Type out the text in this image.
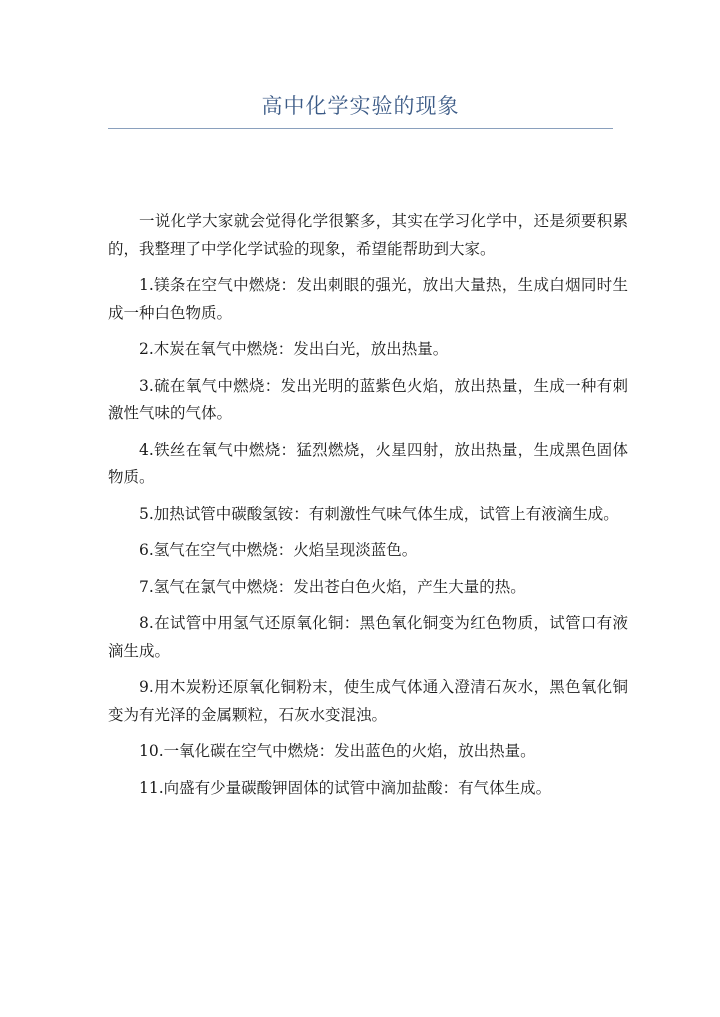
高中化学实验的现象

一说化学大家就会觉得化学很繁多，其实在学习化学中，还是须要积累的，我整理了中学化学试验的现象，希望能帮助到大家。

1.镁条在空气中燃烧：发出刺眼的强光，放出大量热，生成白烟同时生成一种白色物质。

2.木炭在氧气中燃烧：发出白光，放出热量。

3.硫在氧气中燃烧：发出光明的蓝紫色火焰，放出热量，生成一种有刺激性气味的气体。

4.铁丝在氧气中燃烧：猛烈燃烧，火星四射，放出热量，生成黑色固体物质。

5.加热试管中碳酸氢铵：有刺激性气味气体生成，试管上有液滴生成。

6.氢气在空气中燃烧：火焰呈现淡蓝色。

7.氢气在氯气中燃烧：发出苍白色火焰，产生大量的热。

8.在试管中用氢气还原氧化铜：黑色氧化铜变为红色物质，试管口有液滴生成。

9.用木炭粉还原氧化铜粉末，使生成气体通入澄清石灰水，黑色氧化铜变为有光泽的金属颗粒，石灰水变混浊。

10.一氧化碳在空气中燃烧：发出蓝色的火焰，放出热量。

11.向盛有少量碳酸钾固体的试管中滴加盐酸：有气体生成。
